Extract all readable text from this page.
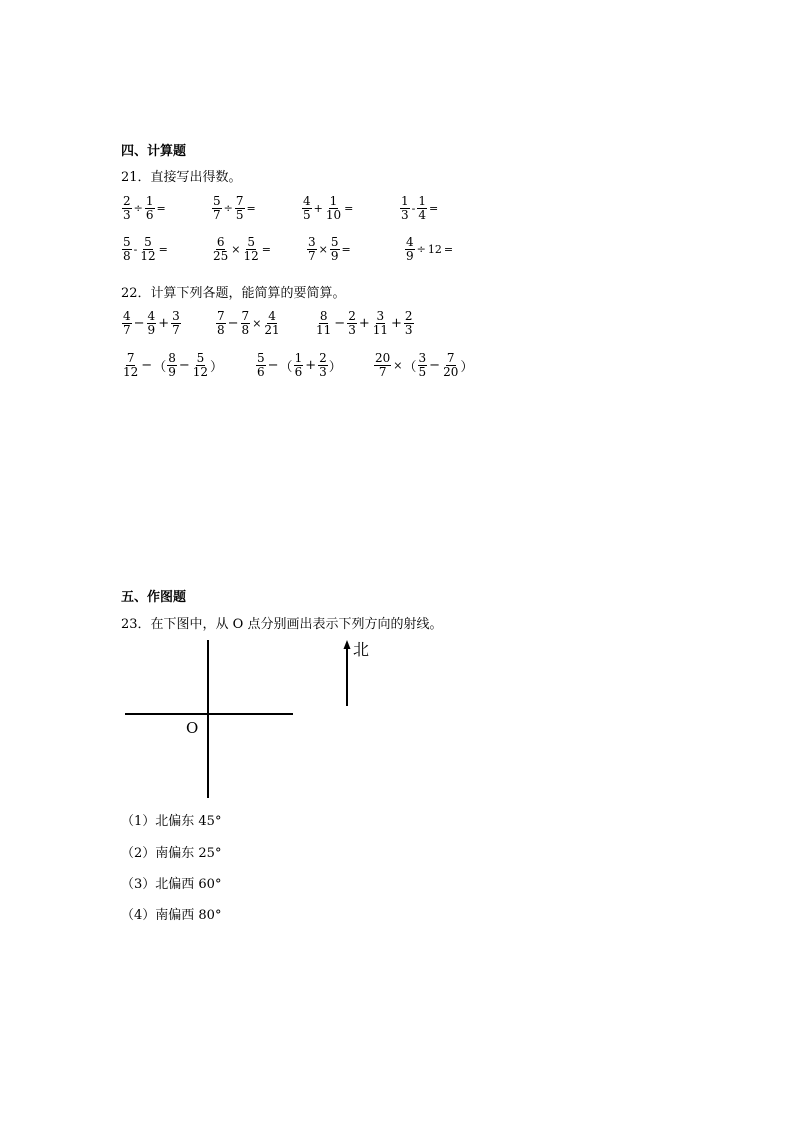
四、计算题
21．直接写出得数。
$\frac{2}{3} \div \frac{1}{6}$ =	$\frac{5}{7} \div \frac{7}{5}$ =	$\frac{4}{5} + \frac{1}{10}$ =	$\frac{1}{3} - \frac{1}{4}$ =
$\frac{5}{8} - \frac{5}{12}$ =	$\frac{6}{25} \times \frac{5}{12}$ =	$\frac{3}{7} \times \frac{5}{9}$ =	$\frac{4}{9} \div 12$ =
22．计算下列各题，能简算的要简算。
$\frac{4}{7} - \frac{4}{9} + \frac{3}{7}$	$\frac{7}{8} - \frac{7}{8} \times \frac{4}{21}$	$\frac{8}{11} - \frac{2}{3} + \frac{3}{11} + \frac{2}{3}$
$\frac{7}{12}$ − （ $\frac{8}{9} - \frac{5}{12}$ ）	$\frac{5}{6}$ − （ $\frac{1}{6} + \frac{2}{3}$ ）	$\frac{20}{7}$ × （ $\frac{3}{5} - \frac{7}{20}$ ）
五、作图题
23．在下图中，从 O 点分别画出表示下列方向的射线。
O
北
（1）北偏东 45°
（2）南偏东 25°
（3）北偏西 60°
（4）南偏西 80°
